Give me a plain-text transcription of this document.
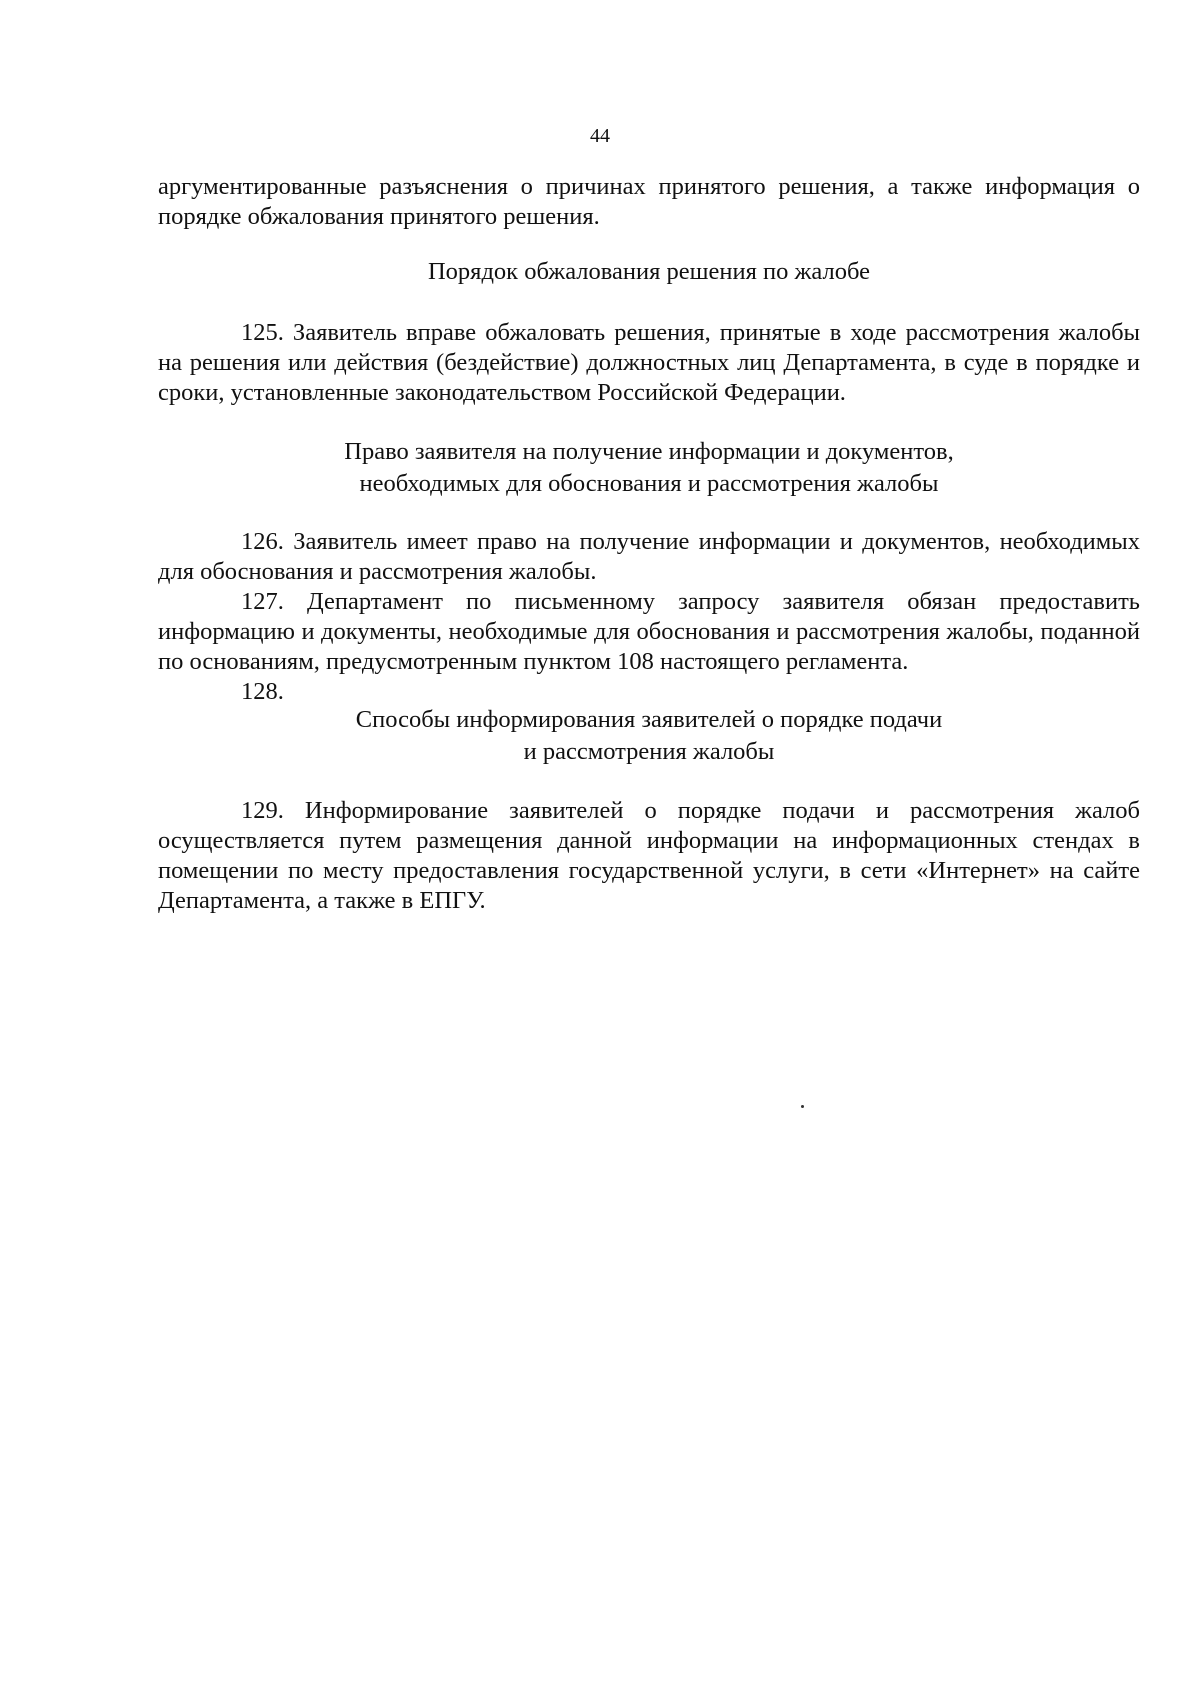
44

аргументированные разъяснения о причинах принятого решения, а также информация о порядке обжалования принятого решения.

Порядок обжалования решения по жалобе

125. Заявитель вправе обжаловать решения, принятые в ходе рассмотрения жалобы на решения или действия (бездействие) должностных лиц Департамента, в суде в порядке и сроки, установленные законодательством Российской Федерации.

Право заявителя на получение информации и документов,
необходимых для обоснования и рассмотрения жалобы

126. Заявитель имеет право на получение информации и документов, необходимых для обоснования и рассмотрения жалобы.

127. Департамент по письменному запросу заявителя обязан предоставить информацию и документы, необходимые для обоснования и рассмотрения жалобы, поданной по основаниям, предусмотренным пунктом 108 настоящего регламента.

128.

Способы информирования заявителей о порядке подачи
и рассмотрения жалобы

129. Информирование заявителей о порядке подачи и рассмотрения жалоб осуществляется путем размещения данной информации на информационных стендах в помещении по месту предоставления государственной услуги, в сети «Интернет» на сайте Департамента, а также в ЕПГУ.
